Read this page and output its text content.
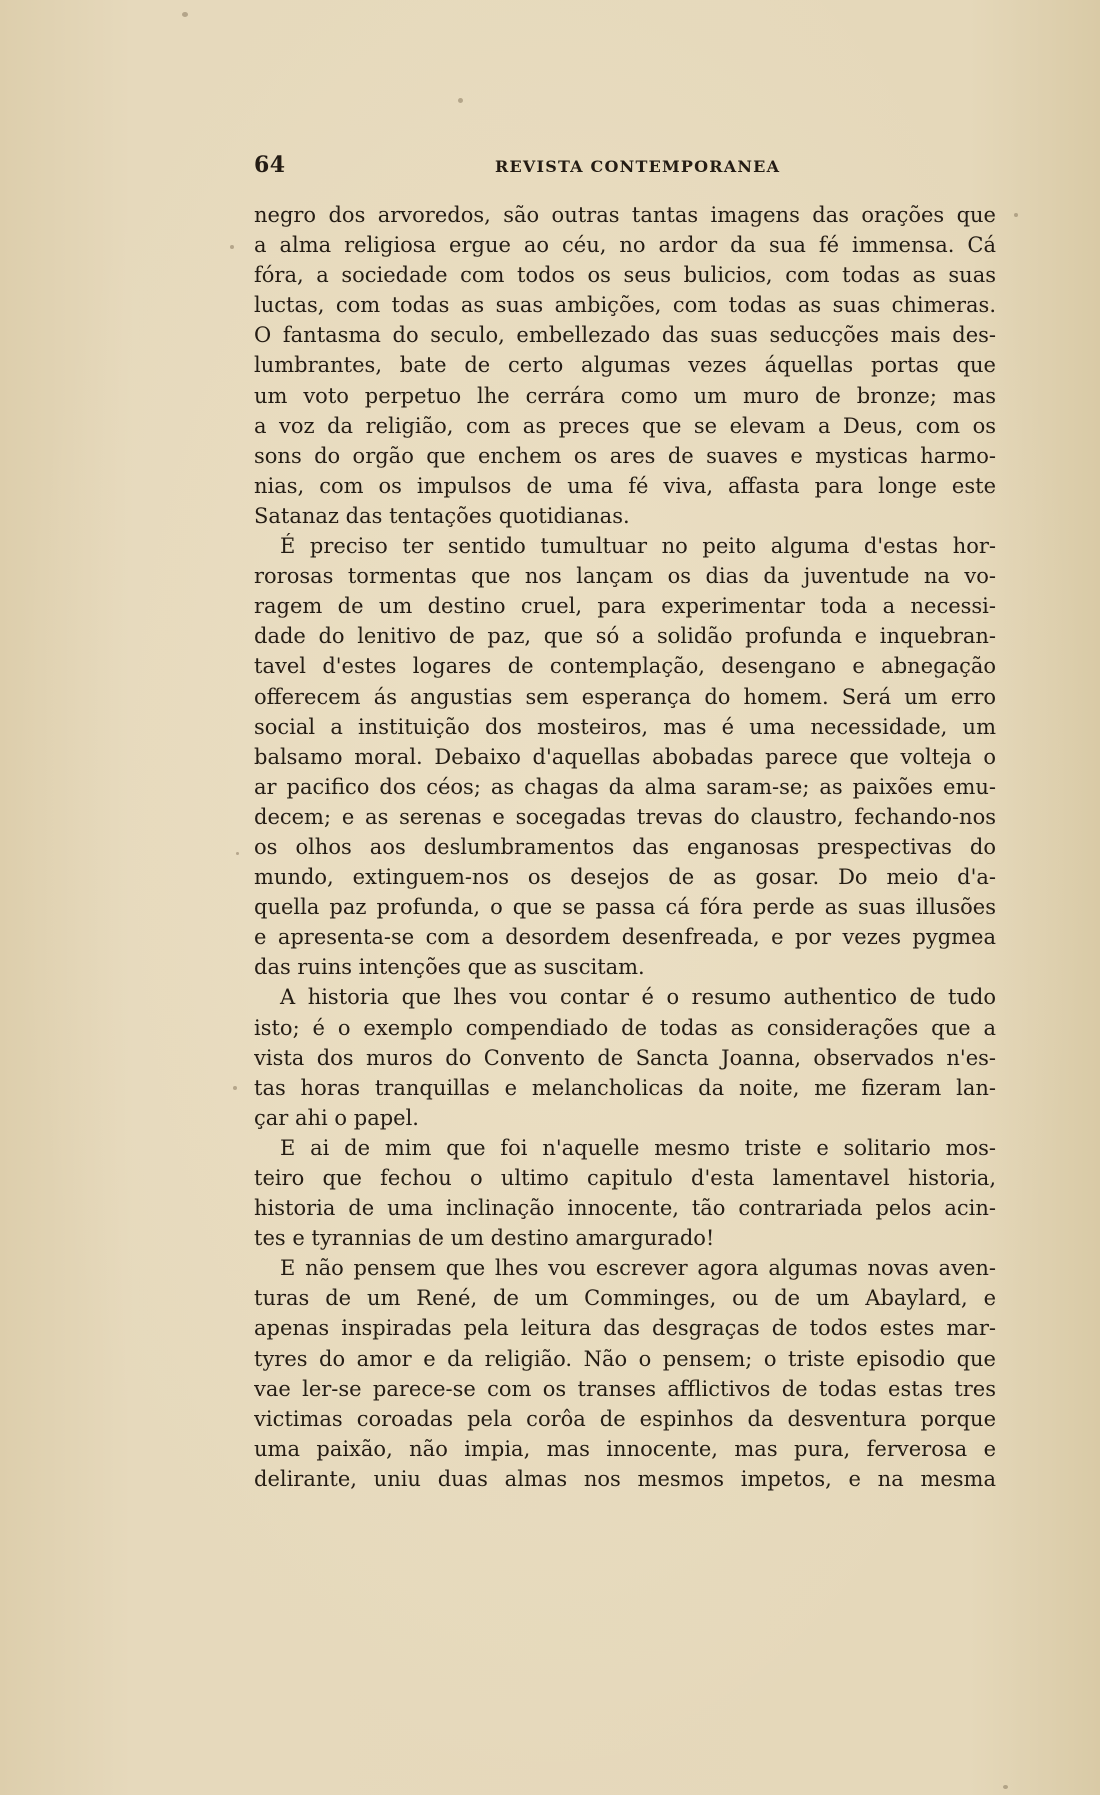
64	REVISTA CONTEMPORANEA
negro dos arvoredos, são outras tantas imagens das orações que
a alma religiosa ergue ao céu, no ardor da sua fé immensa. Cá
fóra, a sociedade com todos os seus bulicios, com todas as suas
luctas, com todas as suas ambições, com todas as suas chimeras.
O fantasma do seculo, embellezado das suas seducções mais des-
lumbrantes, bate de certo algumas vezes áquellas portas que
um voto perpetuo lhe cerrára como um muro de bronze; mas
a voz da religião, com as preces que se elevam a Deus, com os
sons do orgão que enchem os ares de suaves e mysticas harmo-
nias, com os impulsos de uma fé viva, affasta para longe este
Satanaz das tentações quotidianas.
É preciso ter sentido tumultuar no peito alguma d'estas hor-
rorosas tormentas que nos lançam os dias da juventude na vo-
ragem de um destino cruel, para experimentar toda a necessi-
dade do lenitivo de paz, que só a solidão profunda e inquebran-
tavel d'estes logares de contemplação, desengano e abnegação
offerecem ás angustias sem esperança do homem. Será um erro
social a instituição dos mosteiros, mas é uma necessidade, um
balsamo moral. Debaixo d'aquellas abobadas parece que volteja o
ar pacifico dos céos; as chagas da alma saram-se; as paixões emu-
decem; e as serenas e socegadas trevas do claustro, fechando-nos
os olhos aos deslumbramentos das enganosas prespectivas do
mundo, extinguem-nos os desejos de as gosar. Do meio d'a-
quella paz profunda, o que se passa cá fóra perde as suas illusões
e apresenta-se com a desordem desenfreada, e por vezes pygmea
das ruins intenções que as suscitam.
A historia que lhes vou contar é o resumo authentico de tudo
isto; é o exemplo compendiado de todas as considerações que a
vista dos muros do Convento de Sancta Joanna, observados n'es-
tas horas tranquillas e melancholicas da noite, me fizeram lan-
çar ahi o papel.
E ai de mim que foi n'aquelle mesmo triste e solitario mos-
teiro que fechou o ultimo capitulo d'esta lamentavel historia,
historia de uma inclinação innocente, tão contrariada pelos acin-
tes e tyrannias de um destino amargurado!
E não pensem que lhes vou escrever agora algumas novas aven-
turas de um René, de um Comminges, ou de um Abaylard, e
apenas inspiradas pela leitura das desgraças de todos estes mar-
tyres do amor e da religião. Não o pensem; o triste episodio que
vae ler-se parece-se com os transes afflictivos de todas estas tres
victimas coroadas pela corôa de espinhos da desventura porque
uma paixão, não impia, mas innocente, mas pura, ferverosa e
delirante, uniu duas almas nos mesmos impetos, e na mesma
